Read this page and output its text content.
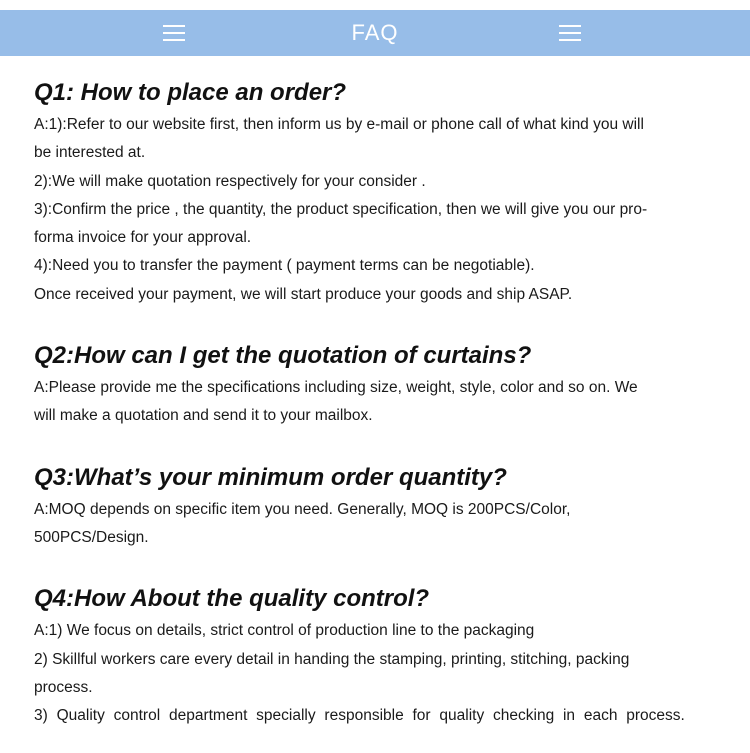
FAQ
Q1: How to place an order?

A:1):Refer to our website first, then inform us by e-mail or phone call of what kind you will

be interested at.

2):We will make quotation respectively for your consider .

3):Confirm the price , the quantity, the product specification, then we will give you our pro-

forma invoice for your approval.

4):Need you to transfer the payment ( payment terms can be negotiable).

Once received your payment, we will start produce your goods and ship ASAP.

Q2:How can I get the quotation of curtains?

A:Please provide me the specifications including size, weight, style, color and so on. We

will make a quotation and send it to your mailbox.

Q3:What’s your minimum order quantity?

A:MOQ depends on specific item you need. Generally, MOQ is 200PCS/Color,

500PCS/Design.

Q4:How About the quality control?

A:1) We focus on details, strict control of production line to the packaging

2) Skillful workers care every detail in handing the stamping, printing, stitching, packing

process.

3) Quality control department specially responsible for quality checking in each process.
